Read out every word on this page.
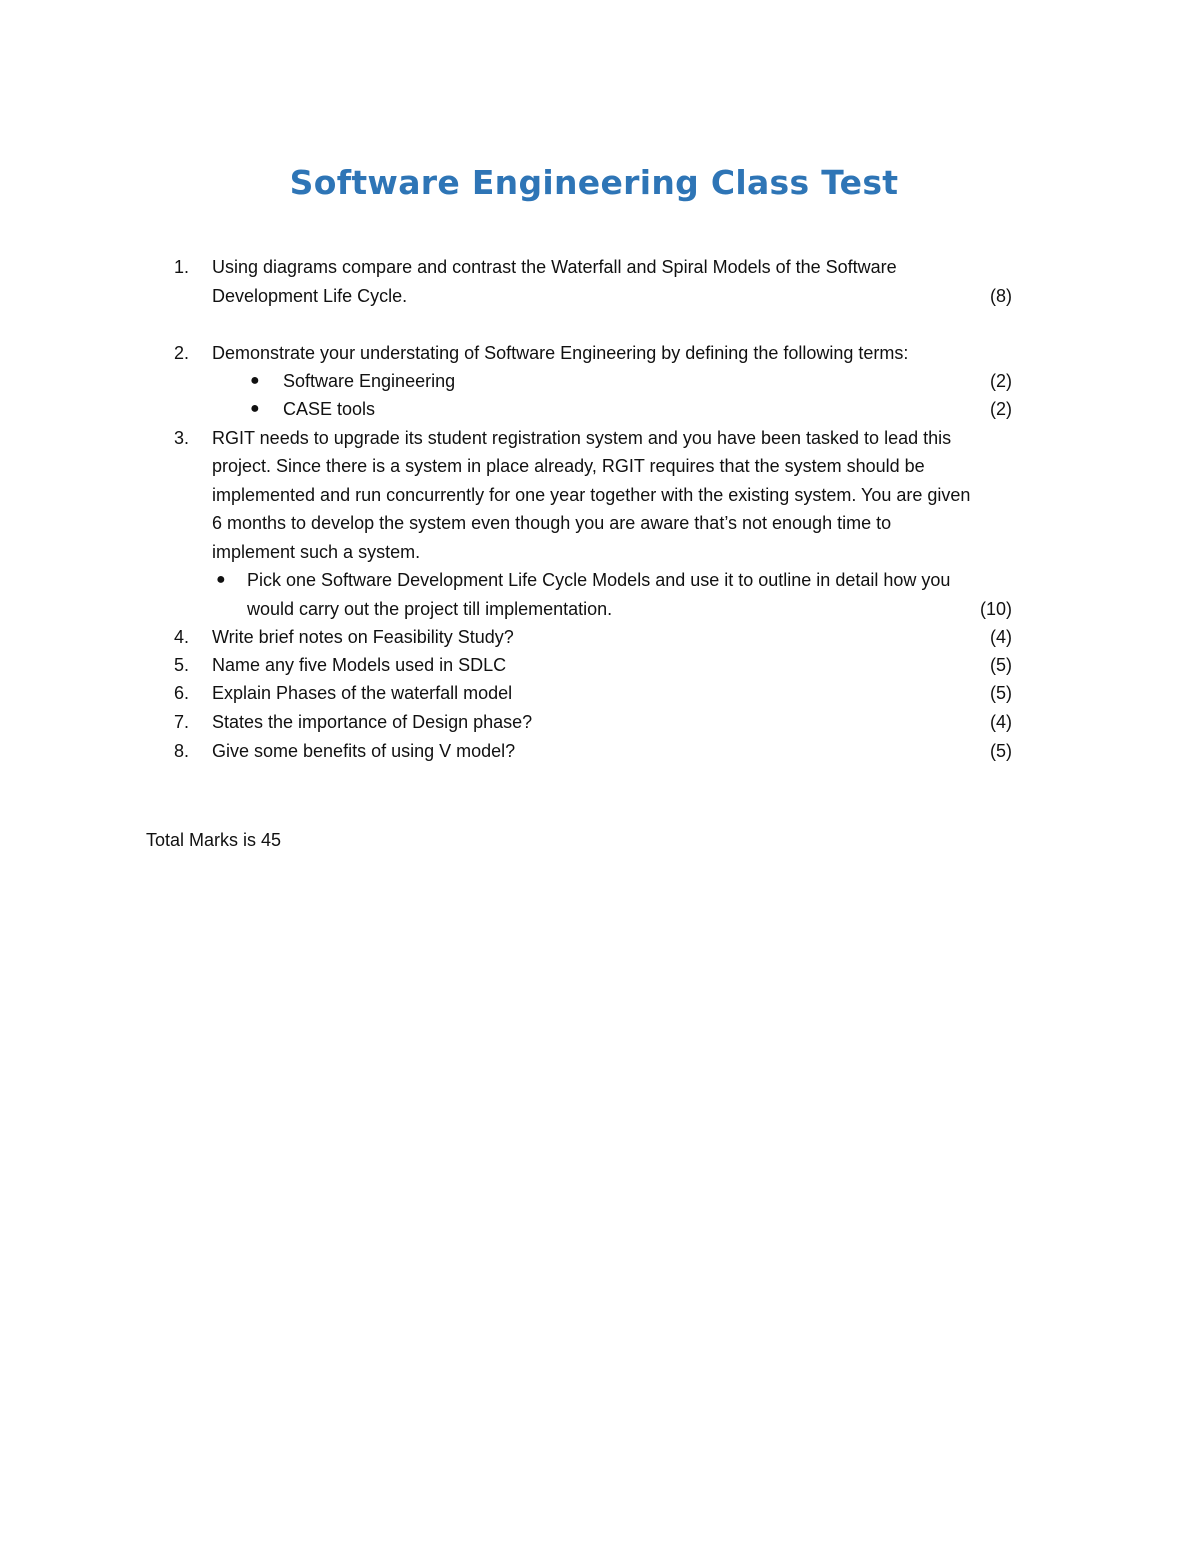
Software Engineering Class Test
1. Using diagrams compare and contrast the Waterfall and Spiral Models of the Software
Development Life Cycle.	(8)
2. Demonstrate your understating of Software Engineering by defining the following terms:
● Software Engineering	(2)
● CASE tools	(2)
3. RGIT needs to upgrade its student registration system and you have been tasked to lead this
project. Since there is a system in place already, RGIT requires that the system should be
implemented and run concurrently for one year together with the existing system. You are given
6 months to develop the system even though you are aware that’s not enough time to
implement such a system.
● Pick one Software Development Life Cycle Models and use it to outline in detail how you
would carry out the project till implementation.	(10)
4. Write brief notes on Feasibility Study?	(4)
5. Name any five Models used in SDLC	(5)
6. Explain Phases of the waterfall model	(5)
7. States the importance of Design phase?	(4)
8. Give some benefits of using V model?	(5)
Total Marks is 45
